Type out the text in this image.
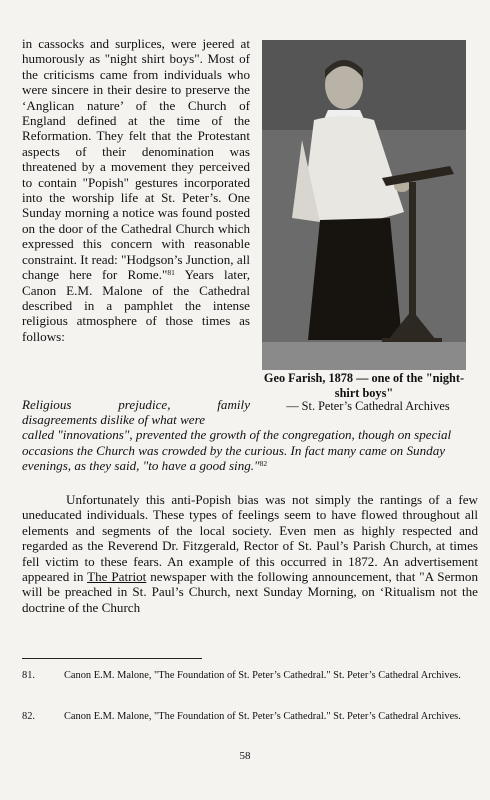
in cassocks and surplices, were jeered at humorously as "night shirt boys". Most of the criticisms came from individuals who were sincere in their desire to preserve the ‘Anglican nature’ of the Church of England defined at the time of the Reformation. They felt that the Protestant aspects of their denomination was threatened by a movement they perceived to contain "Popish" gestures incorporated into the worship life at St. Peter’s. One Sunday morning a notice was found posted on the door of the Cathedral Church which expressed this concern with reasonable constraint. It read: "Hodgson’s Junction, all change here for Rome."$^{81}$ Years later, Canon E.M. Malone of the Cathedral described in a pamphlet the intense religious atmosphere of those times as follows:
Geo Farish, 1878 — one of the "night-shirt boys"
— St. Peter’s Cathedral Archives
Religious prejudice, family
disagreements dislike of what were
called "innovations", prevented the growth of the congregation, though on special occasions the Church was crowded by the curious. In fact many came on Sunday evenings, as they said, "to have a good sing."$^{82}$
Unfortunately this anti-Popish bias was not simply the rantings of a few uneducated individuals. These types of feelings seem to have flowed throughout all elements and segments of the local society. Even men as highly respected and regarded as the Reverend Dr. Fitzgerald, Rector of St. Paul’s Parish Church, at times fell victim to these fears. An example of this occurred in 1872. An advertisement appeared in The Patriot newspaper with the following announcement, that "A Sermon will be preached in St. Paul’s Church, next Sunday Morning, on ‘Ritualism not the doctrine of the Church
81.	Canon E.M. Malone, "The Foundation of St. Peter’s Cathedral." St. Peter’s Cathedral Archives.
82.	Canon E.M. Malone, "The Foundation of St. Peter’s Cathedral." St. Peter’s Cathedral Archives.
58
